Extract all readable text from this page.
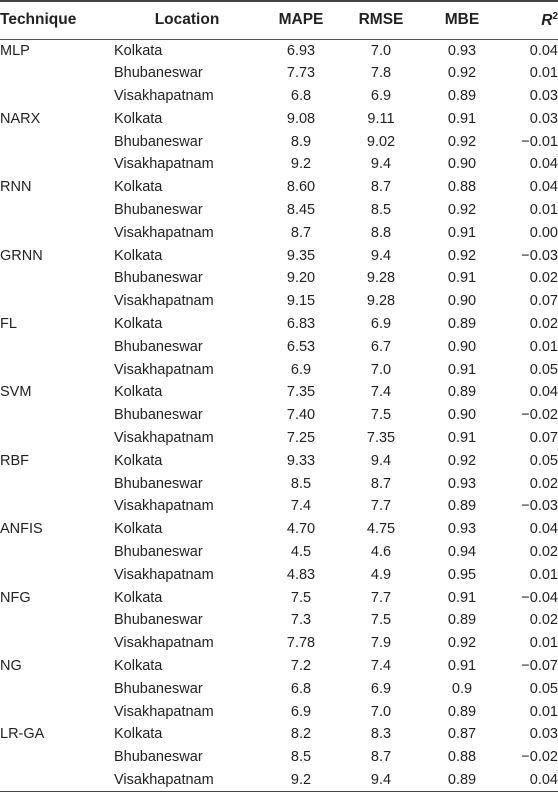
Technique	Location	MAPE	RMSE	MBE	$R^2$
MLP	Kolkata	6.93	7.0	0.93	0.04
	Bhubaneswar	7.73	7.8	0.92	0.01
	Visakhapatnam	6.8	6.9	0.89	0.03
NARX	Kolkata	9.08	9.11	0.91	0.03
	Bhubaneswar	8.9	9.02	0.92	−0.01
	Visakhapatnam	9.2	9.4	0.90	0.04
RNN	Kolkata	8.60	8.7	0.88	0.04
	Bhubaneswar	8.45	8.5	0.92	0.01
	Visakhapatnam	8.7	8.8	0.91	0.00
GRNN	Kolkata	9.35	9.4	0.92	−0.03
	Bhubaneswar	9.20	9.28	0.91	0.02
	Visakhapatnam	9.15	9.28	0.90	0.07
FL	Kolkata	6.83	6.9	0.89	0.02
	Bhubaneswar	6.53	6.7	0.90	0.01
	Visakhapatnam	6.9	7.0	0.91	0.05
SVM	Kolkata	7.35	7.4	0.89	0.04
	Bhubaneswar	7.40	7.5	0.90	−0.02
	Visakhapatnam	7.25	7.35	0.91	0.07
RBF	Kolkata	9.33	9.4	0.92	0.05
	Bhubaneswar	8.5	8.7	0.93	0.02
	Visakhapatnam	7.4	7.7	0.89	−0.03
ANFIS	Kolkata	4.70	4.75	0.93	0.04
	Bhubaneswar	4.5	4.6	0.94	0.02
	Visakhapatnam	4.83	4.9	0.95	0.01
NFG	Kolkata	7.5	7.7	0.91	−0.04
	Bhubaneswar	7.3	7.5	0.89	0.02
	Visakhapatnam	7.78	7.9	0.92	0.01
NG	Kolkata	7.2	7.4	0.91	−0.07
	Bhubaneswar	6.8	6.9	0.9	0.05
	Visakhapatnam	6.9	7.0	0.89	0.01
LR-GA	Kolkata	8.2	8.3	0.87	0.03
	Bhubaneswar	8.5	8.7	0.88	−0.02
	Visakhapatnam	9.2	9.4	0.89	0.04
